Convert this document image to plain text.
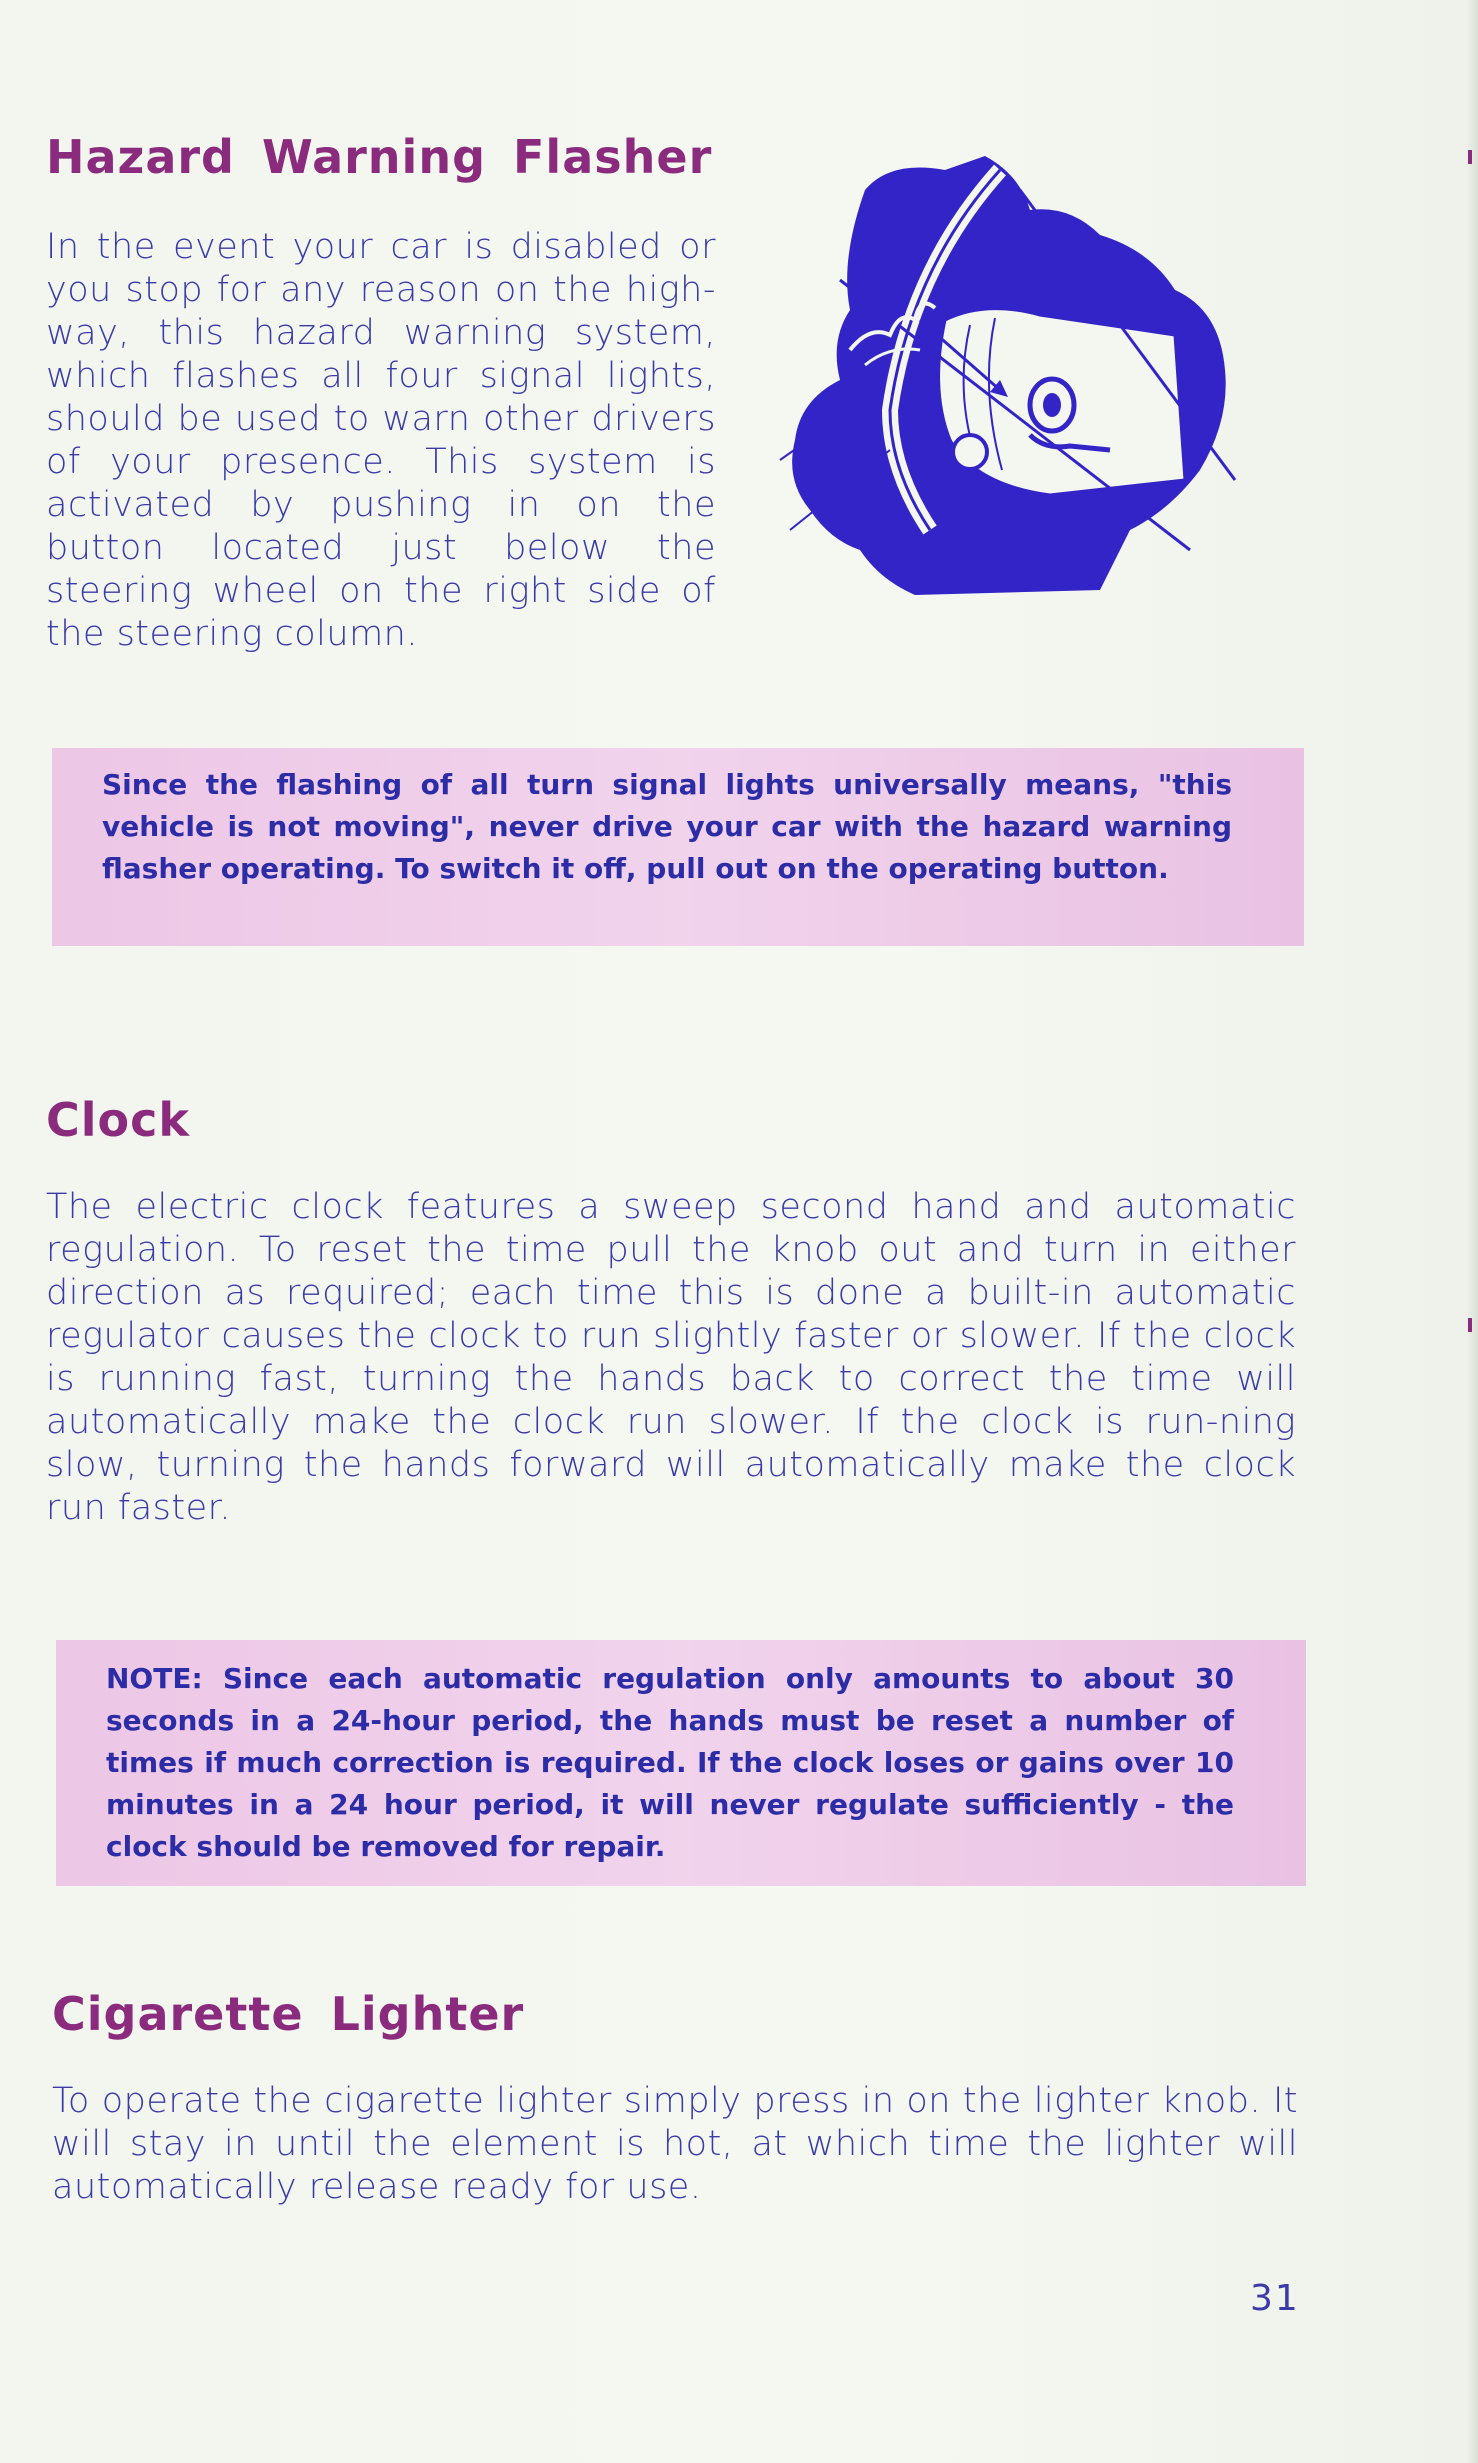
Hazard Warning Flasher

In the event your car is disabled or you stop for any reason on the high-way, this hazard warning system, which flashes all four signal lights, should be used to warn other drivers of your presence. This system is activated by pushing in on the button located just below the steering wheel on the right side of the steering column.

Since the flashing of all turn signal lights universally means, "this vehicle is not moving", never drive your car with the hazard warning flasher operating. To switch it off, pull out on the operating button.

Clock

The electric clock features a sweep second hand and automatic regulation. To reset the time pull the knob out and turn in either direction as required; each time this is done a built-in automatic regulator causes the clock to run slightly faster or slower. If the clock is running fast, turning the hands back to correct the time will automatically make the clock run slower. If the clock is run-ning slow, turning the hands forward will automatically make the clock run faster.

NOTE: Since each automatic regulation only amounts to about 30 seconds in a 24-hour period, the hands must be reset a number of times if much correction is required. If the clock loses or gains over 10 minutes in a 24 hour period, it will never regulate sufficiently - the clock should be removed for repair.

Cigarette Lighter

To operate the cigarette lighter simply press in on the lighter knob. It will stay in until the element is hot, at which time the lighter will automatically release ready for use.

31
